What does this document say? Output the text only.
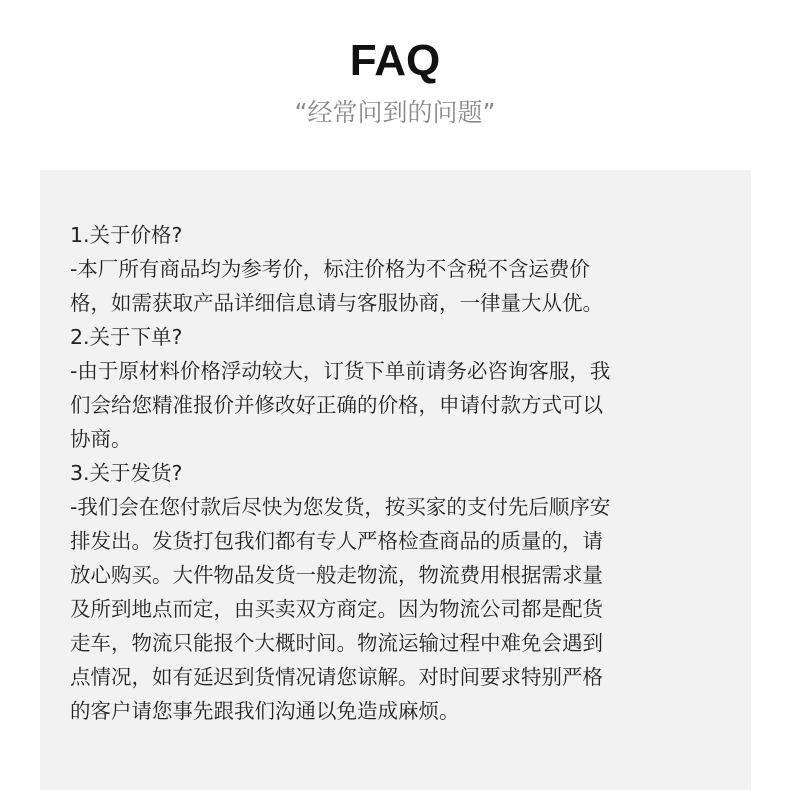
FAQ

“经常问到的问题”

1.关于价格?

-本厂所有商品均为参考价，标注价格为不含税不含运费价

格，如需获取产品详细信息请与客服协商，一律量大从优。

2.关于下单?

-由于原材料价格浮动较大，订货下单前请务必咨询客服，我

们会给您精准报价并修改好正确的价格，申请付款方式可以

协商。

3.关于发货?

-我们会在您付款后尽快为您发货，按买家的支付先后顺序安

排发出。发货打包我们都有专人严格检查商品的质量的，请

放心购买。大件物品发货一般走物流，物流费用根据需求量

及所到地点而定，由买卖双方商定。因为物流公司都是配货

走车，物流只能报个大概时间。物流运输过程中难免会遇到

点情况，如有延迟到货情况请您谅解。对时间要求特别严格

的客户请您事先跟我们沟通以免造成麻烦。
